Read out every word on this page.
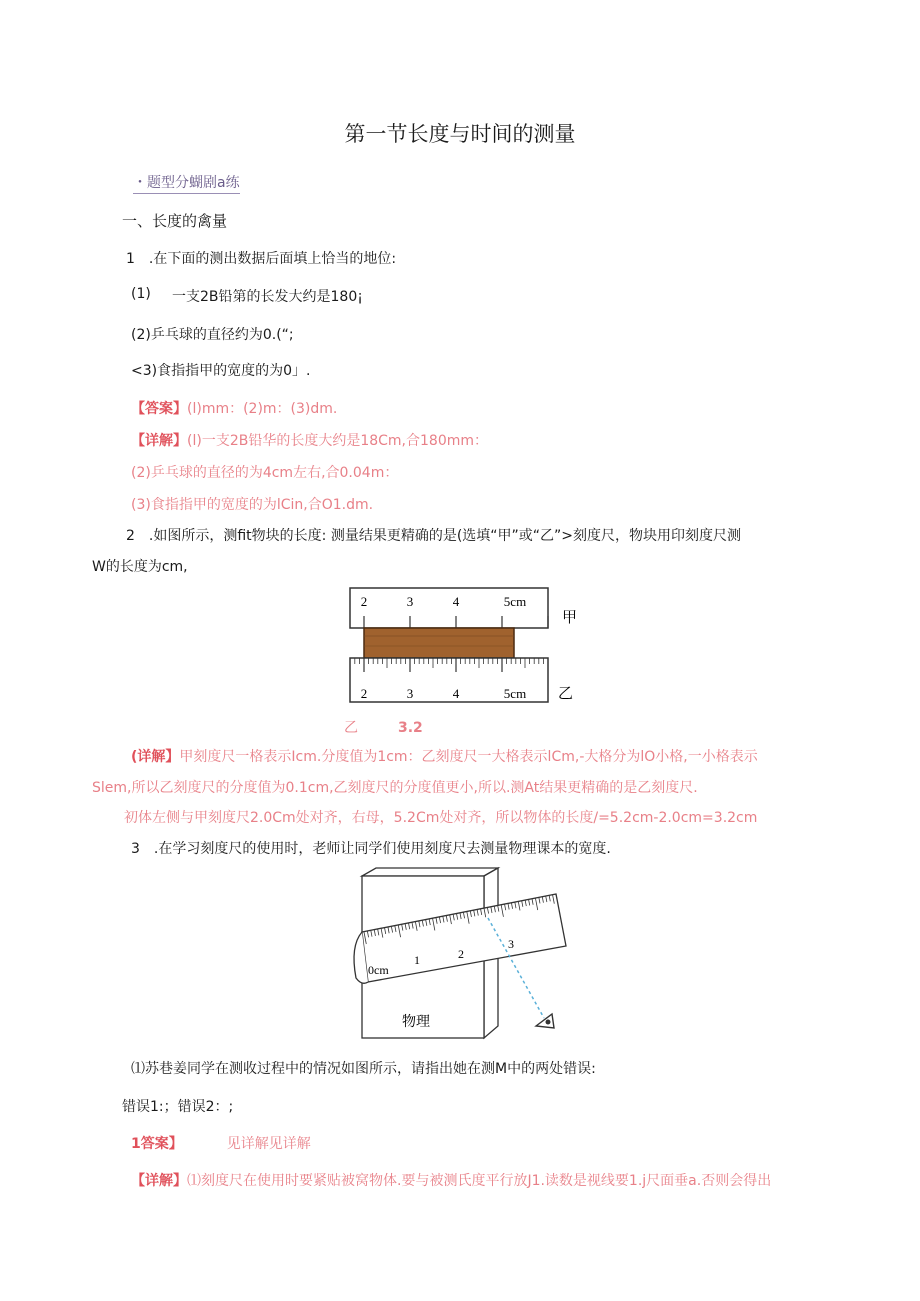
第一节长度与时间的测量
・题型分蝴剧a练
一、长度的禽量
1　.在下面的测出数据后面填上恰当的地位:
(1) 一支2B铅第的长发大约是180¡
(2)乒乓球的直径约为0.(“;
<3)食指指甲的宽度的为0」.
【答案】(l)mm：(2)m：(3)dm.
【详解】(l)一支2B铅华的长度大约是18Cm,合180mm：
(2)乒乓球的直径的为4cm左右,合0.04m：
(3)食指指甲的宽度的为lCin,合O1.dm.
2　.如图所示，测fit物块的长度: 测量结果更精确的是(选填“甲”或“乙”>刻度尺，物块用印刻度尺测
W的长度为cm,
2	3	4	5cm
甲
2	3	4	5cm 乙
乙	3.2
(详解】甲刻度尺一格表示Icm.分度值为1cm：乙刻度尺一大格表示lCm,-大格分为lO小格,一小格表示
Slem,所以乙刻度尺的分度值为0.1cm,乙刻度尺的分度值更小,所以.测At结果更精确的是乙刻度尺.
初体左侧与甲刻度尺2.0Cm处对齐，右母，5.2Cm处对齐，所以物体的长度/=5.2cm-2.0cm=3.2cm
3　.在学习刻度尺的使用时，老师让同学们使用刻度尺去测量物理课本的宽度.
物理
0cm
1	2
3
⑴苏巷姜同学在测收过程中的情况如图所示，请指出她在测M中的两处错误:
错误1:；错误2：;
1答案】	见详解见详解
【详解】⑴刻度尺在使用时要紧贴被窝物体.要与被测氏度平行放J1.读数是视线要1.j尺面垂a.否则会得出
